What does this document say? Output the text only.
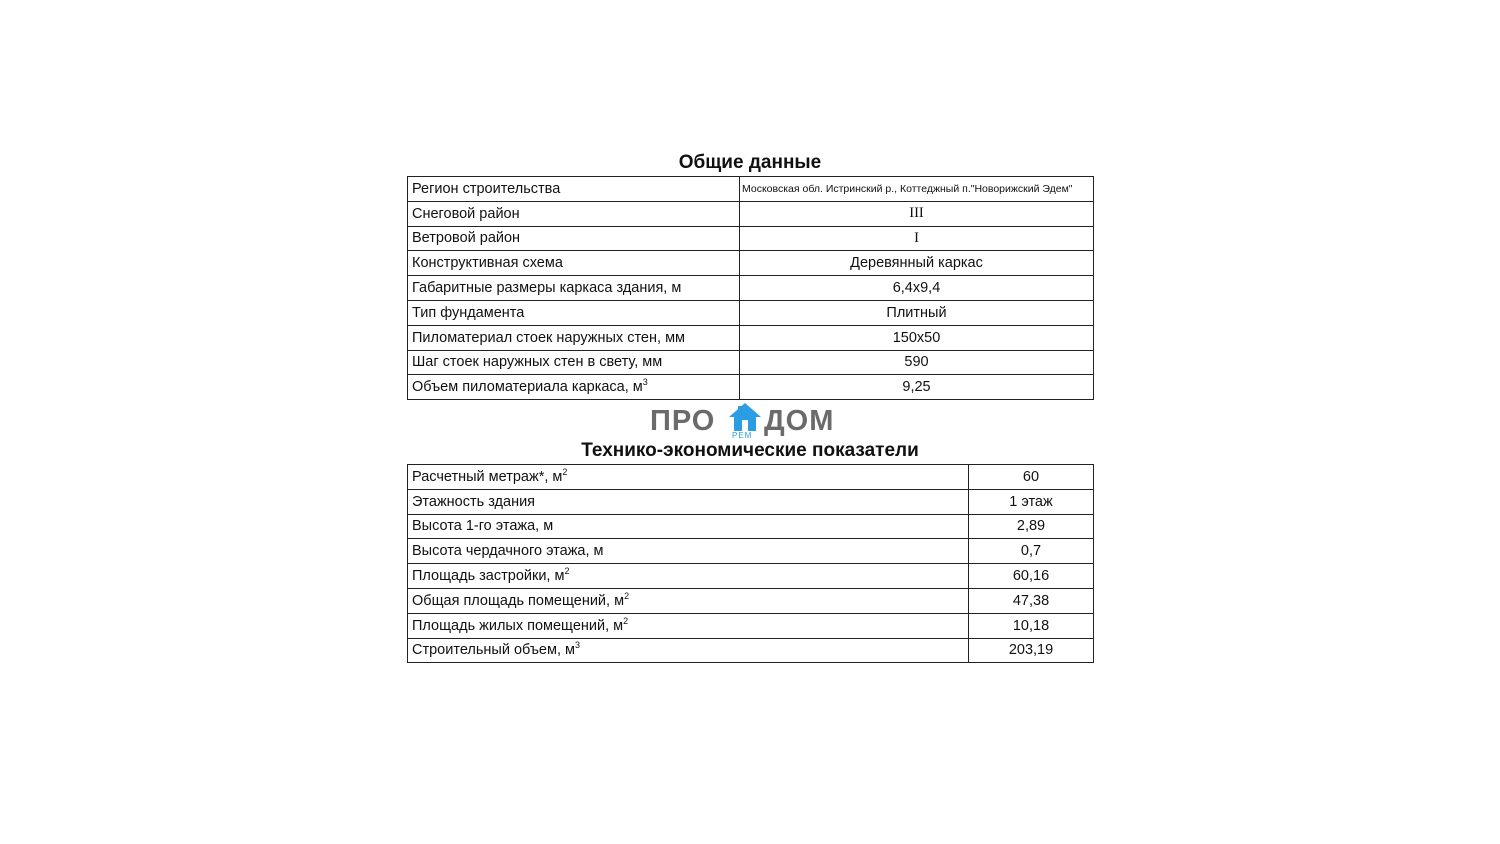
Общие данные
Регион строительства	Московская обл. Истринский р., Коттеджный п."Новорижский Эдем"
Снеговой район	III
Ветровой район	I
Конструктивная схема	Деревянный каркас
Габаритные размеры каркаса здания, м	6,4x9,4
Тип фундамента	Плитный
Пиломатериал стоек наружных стен, мм	150x50
Шаг стоек наружных стен в свету, мм	590
Объем пиломатериала каркаса, $м^3$	9,25
ПРО РЕМ ДОМ
Технико-экономические показатели
Расчетный метраж*, $м^2$	60
Этажность здания	1 этаж
Высота 1-го этажа, м	2,89
Высота чердачного этажа, м	0,7
Площадь застройки, $м^2$	60,16
Общая площадь помещений, $м^2$	47,38
Площадь жилых помещений, $м^2$	10,18
Строительный объем, $м^3$	203,19
